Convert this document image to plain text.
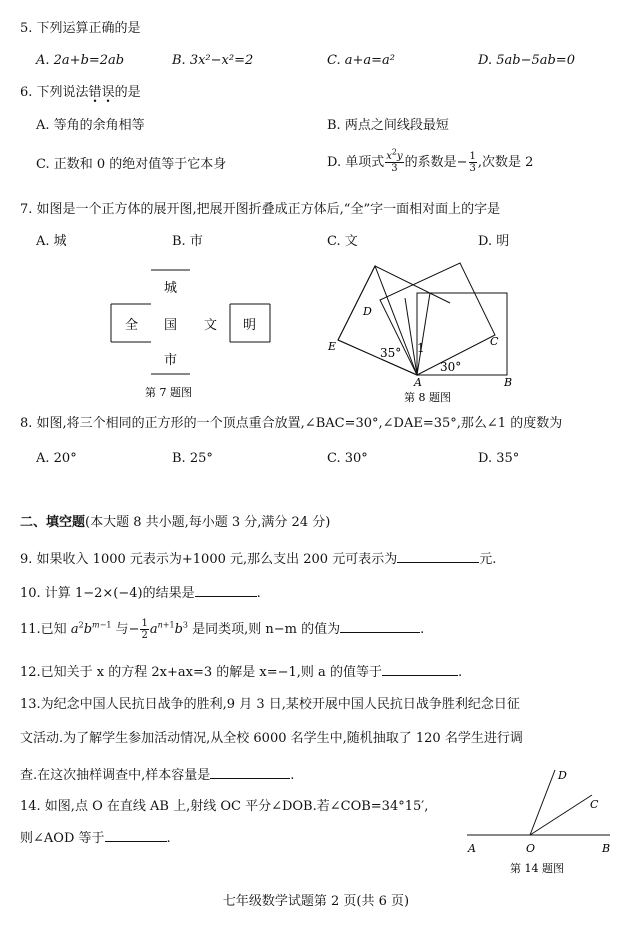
5. 下列运算正确的是
A. 2a+b=2ab	B. 3x²−x²=2	C. a+a=a²	D. 5ab−5ab=0
6. 下列说法错误的是
A. 等角的余角相等	B. 两点之间线段最短
C. 正数和 0 的绝对值等于它本身	D. 单项式 $\frac{x^2y}{3}$ 的系数是− $\frac{1}{3}$ ,次数是 2
7. 如图是一个正方体的展开图,把展开图折叠成正方体后,“全”字一面相对面上的字是
A. 城	B. 市	C. 文	D. 明
城
全 国 文 明
市
第 7 题图
D
E	C
A	B
1
35°
30°
第 8 题图
8. 如图,将三个相同的正方形的一个顶点重合放置,∠BAC=30°,∠DAE=35°,那么∠1 的度数为
A. 20°	B. 25°	C. 30°	D. 35°
二、填空题(本大题 8 共小题,每小题 3 分,满分 24 分)
9. 如果收入 1000 元表示为+1000 元,那么支出 200 元可表示为	元.
10. 计算 1−2×(−4)的结果是	.
11.已知 $a^2b^{m-1}$ 与− $\frac{1}{2} a^{n+1}b^3$ 是同类项,则 n−m 的值为	.
12.已知关于 x 的方程 2x+ax=3 的解是 x=−1,则 a 的值等于	.
13.为纪念中国人民抗日战争的胜利,9 月 3 日,某校开展中国人民抗日战争胜利纪念日征
文活动.为了解学生参加活动情况,从全校 6000 名学生中,随机抽取了 120 名学生进行调
查.在这次抽样调查中,样本容量是	.
14. 如图,点 O 在直线 AB 上,射线 OC 平分∠DOB.若∠COB=34°15′,
则∠AOD 等于	.
D
C
A	O	B
第 14 题图
七年级数学试题第 2 页(共 6 页)
